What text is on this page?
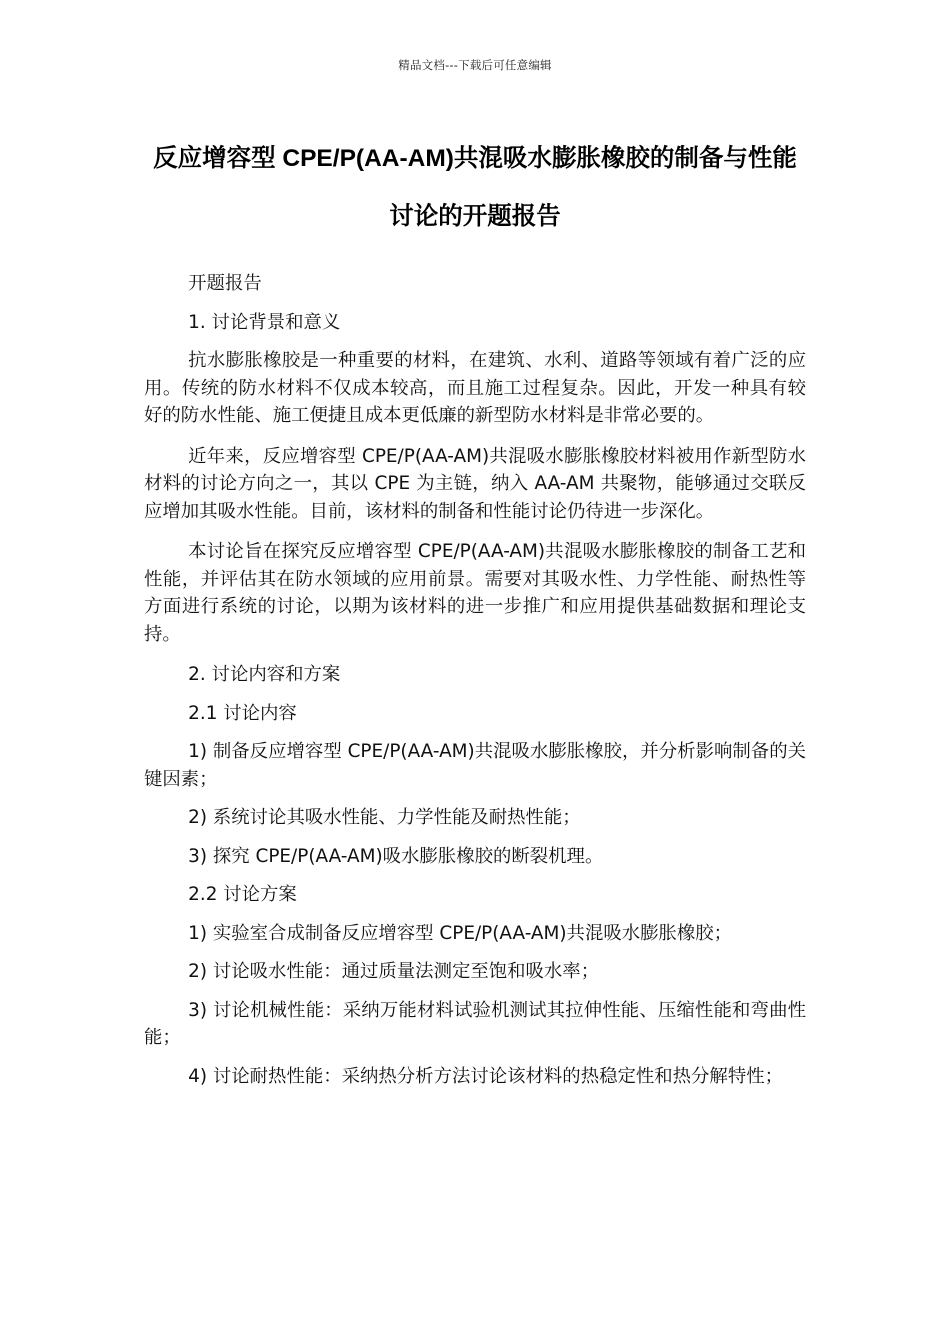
精品文档---下载后可任意编辑
反应增容型 CPE/P(AA-AM)共混吸水膨胀橡胶的制备与性能讨论的开题报告

开题报告

1. 讨论背景和意义

抗水膨胀橡胶是一种重要的材料，在建筑、水利、道路等领域有着广泛的应用。传统的防水材料不仅成本较高，而且施工过程复杂。因此，开发一种具有较好的防水性能、施工便捷且成本更低廉的新型防水材料是非常必要的。

近年来，反应增容型 CPE/P(AA-AM)共混吸水膨胀橡胶材料被用作新型防水材料的讨论方向之一，其以 CPE 为主链，纳入 AA-AM 共聚物，能够通过交联反应增加其吸水性能。目前，该材料的制备和性能讨论仍待进一步深化。

本讨论旨在探究反应增容型 CPE/P(AA-AM)共混吸水膨胀橡胶的制备工艺和性能，并评估其在防水领域的应用前景。需要对其吸水性、力学性能、耐热性等方面进行系统的讨论，以期为该材料的进一步推广和应用提供基础数据和理论支持。

2. 讨论内容和方案

2.1 讨论内容

1) 制备反应增容型 CPE/P(AA-AM)共混吸水膨胀橡胶，并分析影响制备的关键因素；

2) 系统讨论其吸水性能、力学性能及耐热性能；

3) 探究 CPE/P(AA-AM)吸水膨胀橡胶的断裂机理。

2.2 讨论方案

1) 实验室合成制备反应增容型 CPE/P(AA-AM)共混吸水膨胀橡胶；

2) 讨论吸水性能：通过质量法测定至饱和吸水率；

3) 讨论机械性能：采纳万能材料试验机测试其拉伸性能、压缩性能和弯曲性能；

4) 讨论耐热性能：采纳热分析方法讨论该材料的热稳定性和热分解特性；
